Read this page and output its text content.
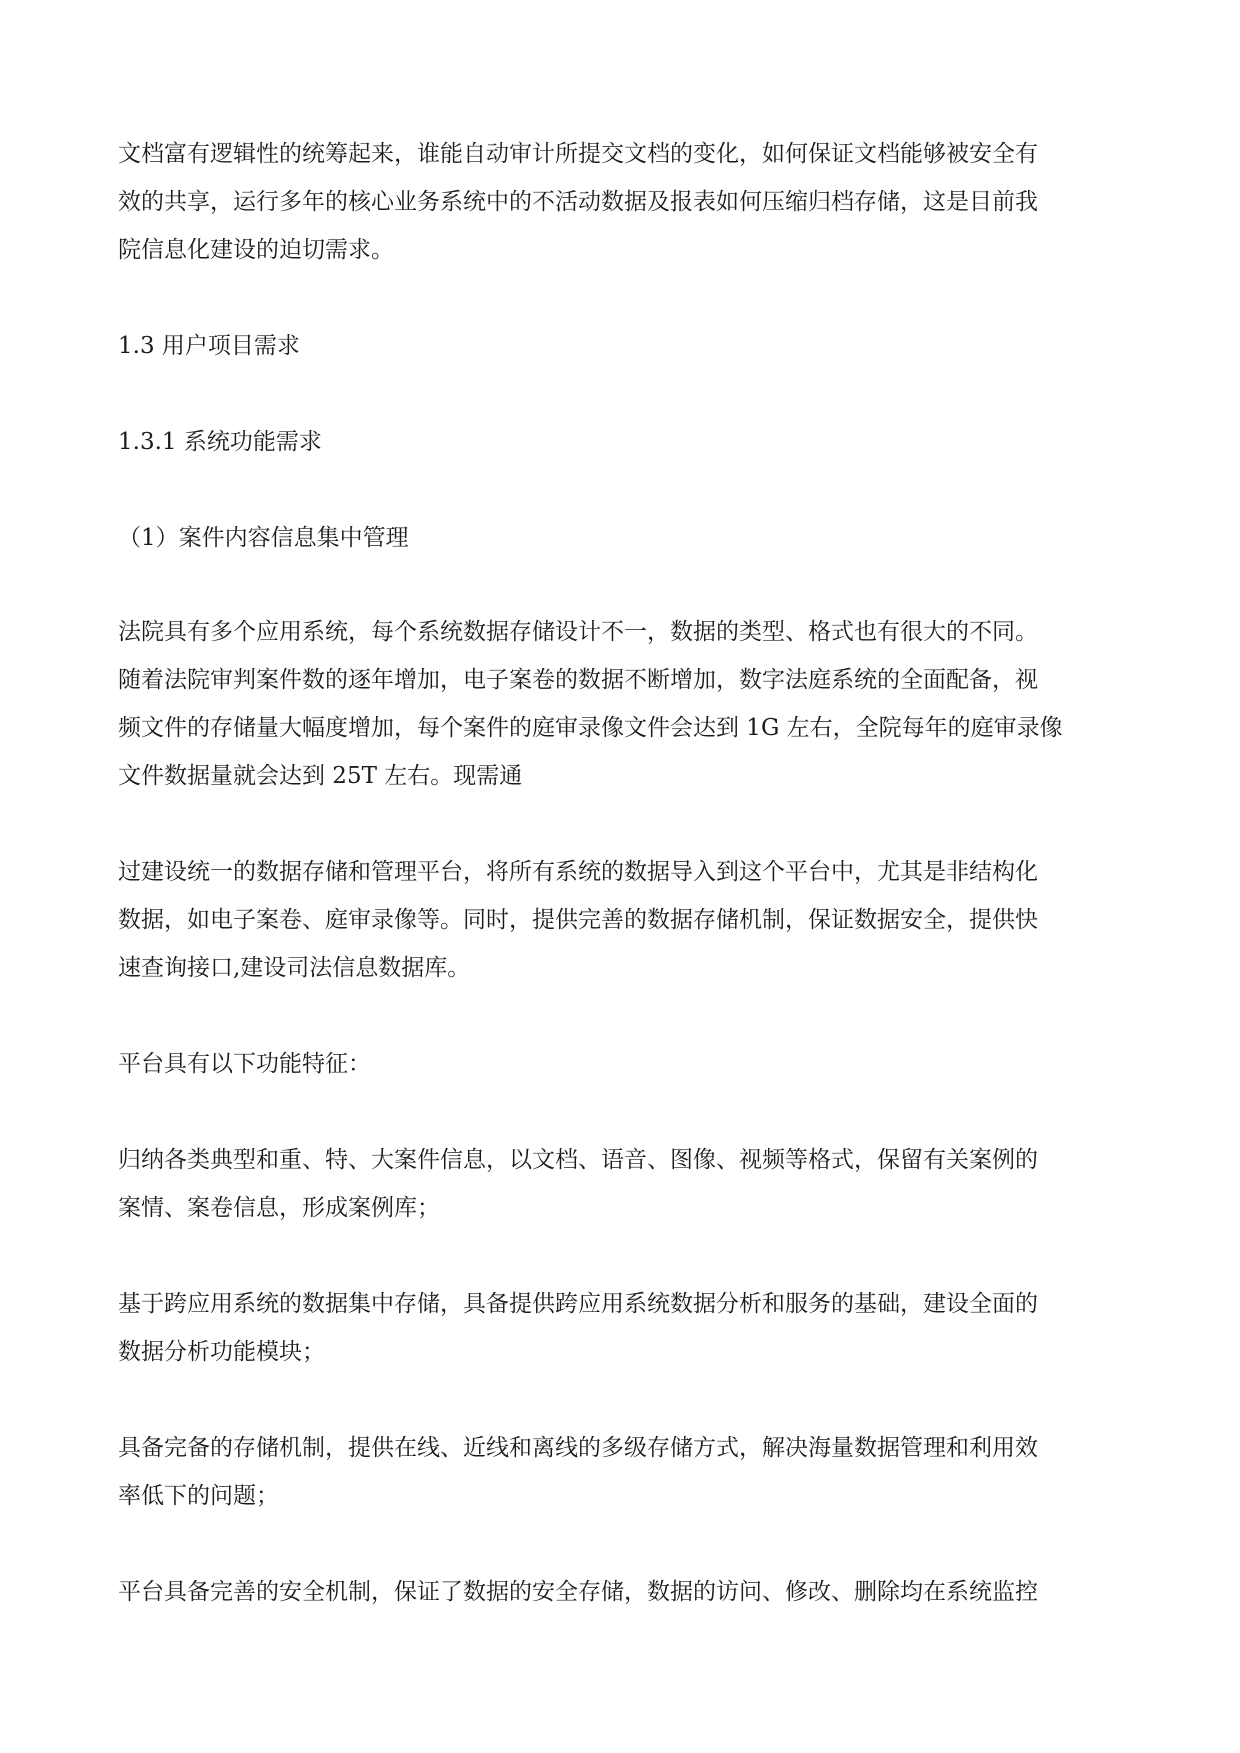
文档富有逻辑性的统筹起来，谁能自动审计所提交文档的变化，如何保证文档能够被安全有
效的共享，运行多年的核心业务系统中的不活动数据及报表如何压缩归档存储，这是目前我
院信息化建设的迫切需求。

1.3 用户项目需求

1.3.1 系统功能需求

（1）案件内容信息集中管理

法院具有多个应用系统，每个系统数据存储设计不一，数据的类型、格式也有很大的不同。
随着法院审判案件数的逐年增加，电子案卷的数据不断增加，数字法庭系统的全面配备，视
频文件的存储量大幅度增加，每个案件的庭审录像文件会达到 1G 左右，全院每年的庭审录像
文件数据量就会达到 25T 左右。现需通

过建设统一的数据存储和管理平台，将所有系统的数据导入到这个平台中，尤其是非结构化
数据，如电子案卷、庭审录像等。同时，提供完善的数据存储机制，保证数据安全，提供快
速查询接口,建设司法信息数据库。

平台具有以下功能特征：

归纳各类典型和重、特、大案件信息，以文档、语音、图像、视频等格式，保留有关案例的
案情、案卷信息，形成案例库；

基于跨应用系统的数据集中存储，具备提供跨应用系统数据分析和服务的基础，建设全面的
数据分析功能模块；

具备完备的存储机制，提供在线、近线和离线的多级存储方式，解决海量数据管理和利用效
率低下的问题；

平台具备完善的安全机制，保证了数据的安全存储，数据的访问、修改、删除均在系统监控
